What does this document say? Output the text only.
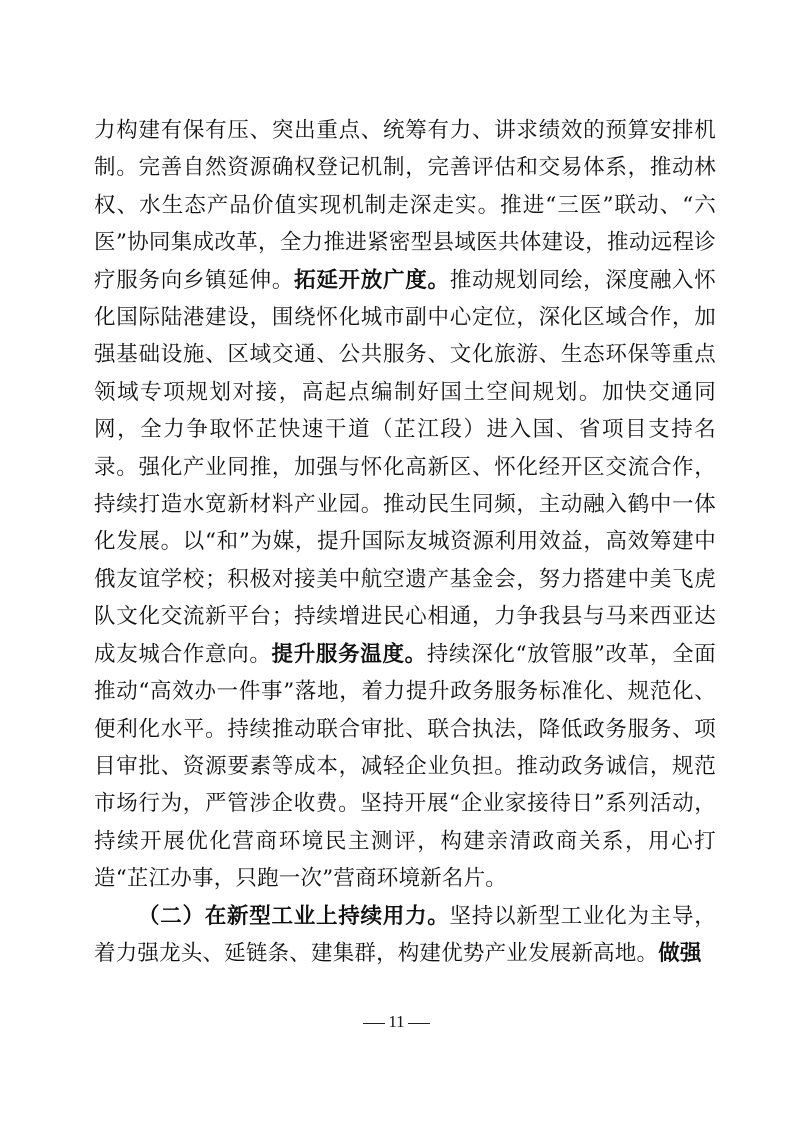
力构建有保有压、突出重点、统筹有力、讲求绩效的预算安排机制。完善自然资源确权登记机制，完善评估和交易体系，推动林权、水生态产品价值实现机制走深走实。推进“三医”联动、“六医”协同集成改革，全力推进紧密型县域医共体建设，推动远程诊疗服务向乡镇延伸。拓延开放广度。推动规划同绘，深度融入怀化国际陆港建设，围绕怀化城市副中心定位，深化区域合作，加强基础设施、区域交通、公共服务、文化旅游、生态环保等重点领域专项规划对接，高起点编制好国土空间规划。加快交通同网，全力争取怀芷快速干道（芷江段）进入国、省项目支持名录。强化产业同推，加强与怀化高新区、怀化经开区交流合作，持续打造水宽新材料产业园。推动民生同频，主动融入鹤中一体化发展。以“和”为媒，提升国际友城资源利用效益，高效筹建中俄友谊学校；积极对接美中航空遗产基金会，努力搭建中美飞虎队文化交流新平台；持续增进民心相通，力争我县与马来西亚达成友城合作意向。提升服务温度。持续深化“放管服”改革，全面推动“高效办一件事”落地，着力提升政务服务标准化、规范化、便利化水平。持续推动联合审批、联合执法，降低政务服务、项目审批、资源要素等成本，减轻企业负担。推动政务诚信，规范市场行为，严管涉企收费。坚持开展“企业家接待日”系列活动，持续开展优化营商环境民主测评，构建亲清政商关系，用心打造“芷江办事，只跑一次”营商环境新名片。

（二）在新型工业上持续用力。坚持以新型工业化为主导，着力强龙头、延链条、建集群，构建优势产业发展新高地。做强

11
